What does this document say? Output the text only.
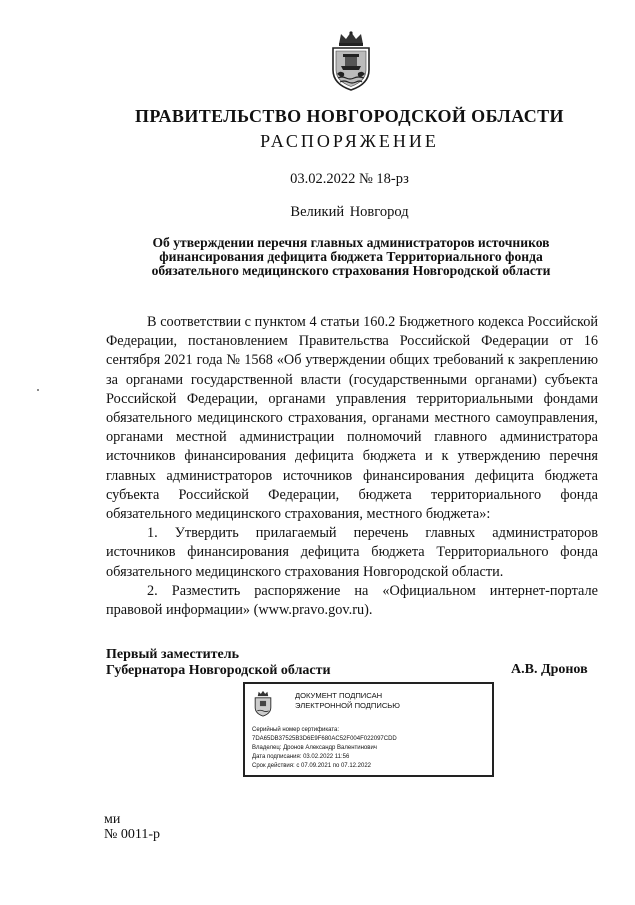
ПРАВИТЕЛЬСТВО НОВГОРОДСКОЙ ОБЛАСТИ
РАСПОРЯЖЕНИЕ
03.02.2022 № 18-рз
Великий Новгород
Об утверждении перечня главных администраторов источников
финансирования дефицита бюджета Территориального фонда
обязательного медицинского страхования Новгородской области

В соответствии с пунктом 4 статьи 160.2 Бюджетного кодекса Российской Федерации, постановлением Правительства Российской Федерации от 16 сентября 2021 года № 1568 «Об утверждении общих требований к закреплению за органами государственной власти (государственными органами) субъекта Российской Федерации, органами управления территориальными фондами обязательного медицинского страхования, органами местного самоуправления, органами местной администрации полномочий главного администратора источников финансирования дефицита бюджета и к утверждению перечня главных администраторов источников финансирования дефицита бюджета субъекта Российской Федерации, бюджета территориального фонда обязательного медицинского страхования, местного бюджета»:

1. Утвердить прилагаемый перечень главных администраторов источников финансирования дефицита бюджета Территориального фонда обязательного медицинского страхования Новгородской области.

2. Разместить распоряжение на «Официальном интернет-портале правовой информации» (www.pravo.gov.ru).

Первый заместитель
Губернатора Новгородской области	А.В. Дронов
ДОКУМЕНТ ПОДПИСАН
ЭЛЕКТРОННОЙ ПОДПИСЬЮ
Серийный номер сертификата:
7DA65DB37525B3D6E9F680AC52F004F022097CDD
Владелец: Дронов Александр Валентинович
Дата подписания: 03.02.2022 11:56
Срок действия: с 07.09.2021 по 07.12.2022
ми
№ 0011-р
